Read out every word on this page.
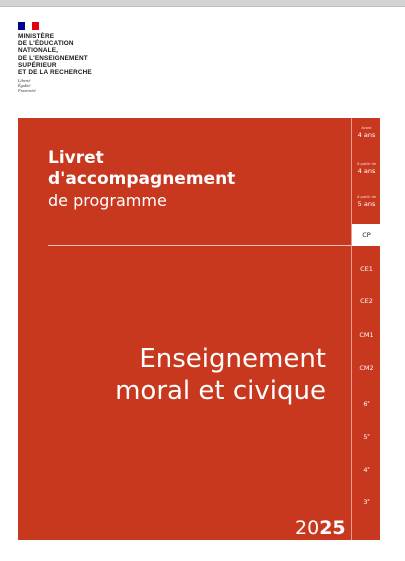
MINISTÈRE
DE L'ÉDUCATION
NATIONALE,
DE L'ENSEIGNEMENT
SUPÉRIEUR
ET DE LA RECHERCHE
Liberté
Égalité
Fraternité
Livret
d'accompagnement
de programme
Enseignement
moral et civique
2025
Avant
4 ans
À partir de
4 ans
À partir de
5 ans
CP
CE1
CE2
CM1
CM2
6e
5e
4e
3e
